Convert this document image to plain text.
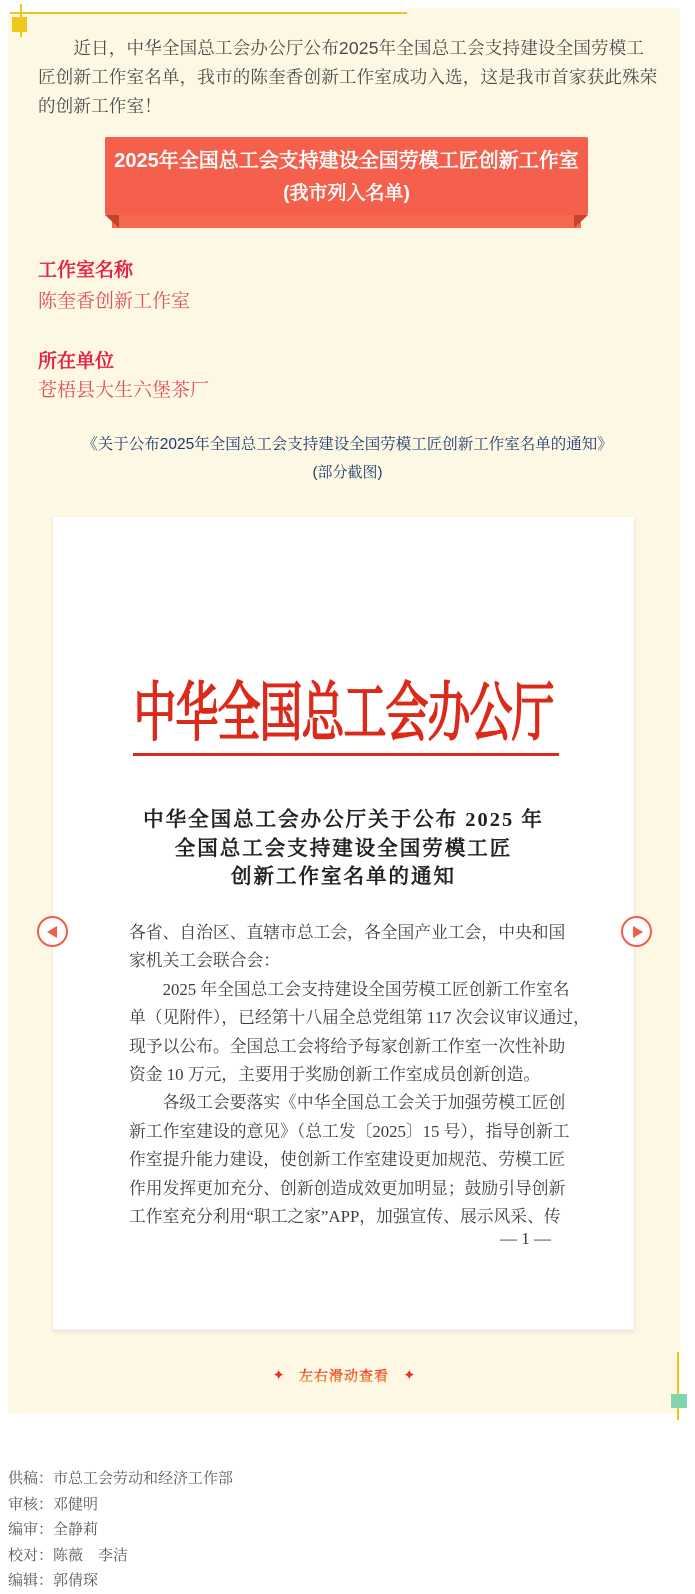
　　近日，中华全国总工会办公厅公布2025年全国总工会支持建设全国劳模工
匠创新工作室名单，我市的陈奎香创新工作室成功入选，这是我市首家获此殊荣
的创新工作室！
2025年全国总工会支持建设全国劳模工匠创新工作室
(我市列入名单)
工作室名称
陈奎香创新工作室
所在单位
苍梧县大生六堡茶厂
《关于公布2025年全国总工会支持建设全国劳模工匠创新工作室名单的通知》
(部分截图)
中华全国总工会办公厅
中华全国总工会办公厅关于公布 2025 年
全国总工会支持建设全国劳模工匠
创新工作室名单的通知
各省、自治区、直辖市总工会，各全国产业工会，中央和国
家机关工会联合会：
　　2025 年全国总工会支持建设全国劳模工匠创新工作室名
单（见附件），已经第十八届全总党组第 117 次会议审议通过，
现予以公布。全国总工会将给予每家创新工作室一次性补助
资金 10 万元，主要用于奖励创新工作室成员创新创造。
　　各级工会要落实《中华全国总工会关于加强劳模工匠创
新工作室建设的意见》（总工发〔2025〕15 号），指导创新工
作室提升能力建设，使创新工作室建设更加规范、劳模工匠
作用发挥更加充分、创新创造成效更加明显；鼓励引导创新
工作室充分利用“职工之家”APP，加强宣传、展示风采、传
— 1 —
✦ 左右滑动查看 ✦
供稿：市总工会劳动和经济工作部
审核：邓健明
编审：全静莉
校对：陈薇　李洁
编辑：郭倩琛
